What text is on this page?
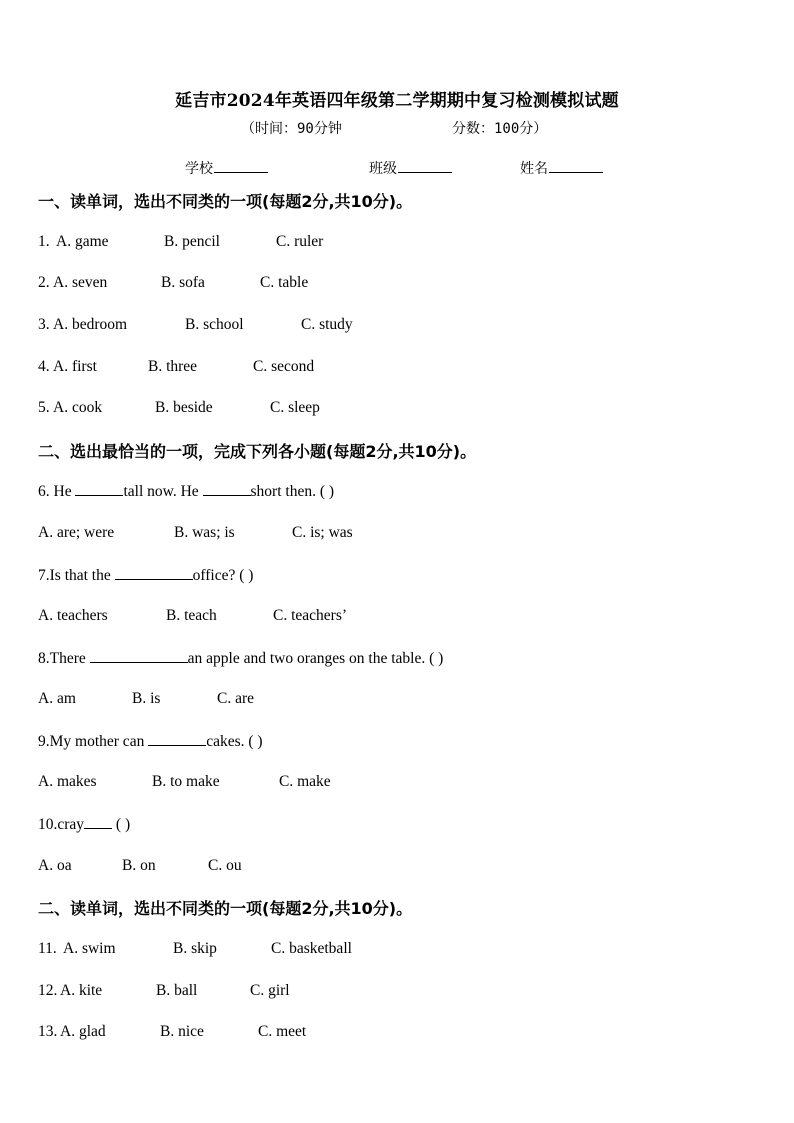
延吉市2024年英语四年级第二学期期中复习检测模拟试题
（时间：90分钟	分数：100分）
学校	班级	姓名
一、读单词，选出不同类的一项(每题2分,共10分)。
1. A. game	B. pencil	C. ruler
2. A. seven	B. sofa	C. table
3. A. bedroom	B. school	C. study
4. A. first	B. three	C. second
5. A. cook	B. beside	C. sleep
二、选出最恰当的一项，完成下列各小题(每题2分,共10分)。
6. He	tall now. He	short then. ( )
A. are; were	B. was; is	C. is; was
7.Is that the	office? ( )
A. teachers	B. teach	C. teachers’
8.There	an apple and two oranges on the table. ( )
A. am	B. is	C. are
9.My mother can	cakes. ( )
A. makes	B. to make	C. make
10.cray ( )
A. oa	B. on	C. ou
二、读单词，选出不同类的一项(每题2分,共10分)。
11. A. swim	B. skip	C. basketball
12. A. kite	B. ball	C. girl
13. A. glad	B. nice	C. meet
